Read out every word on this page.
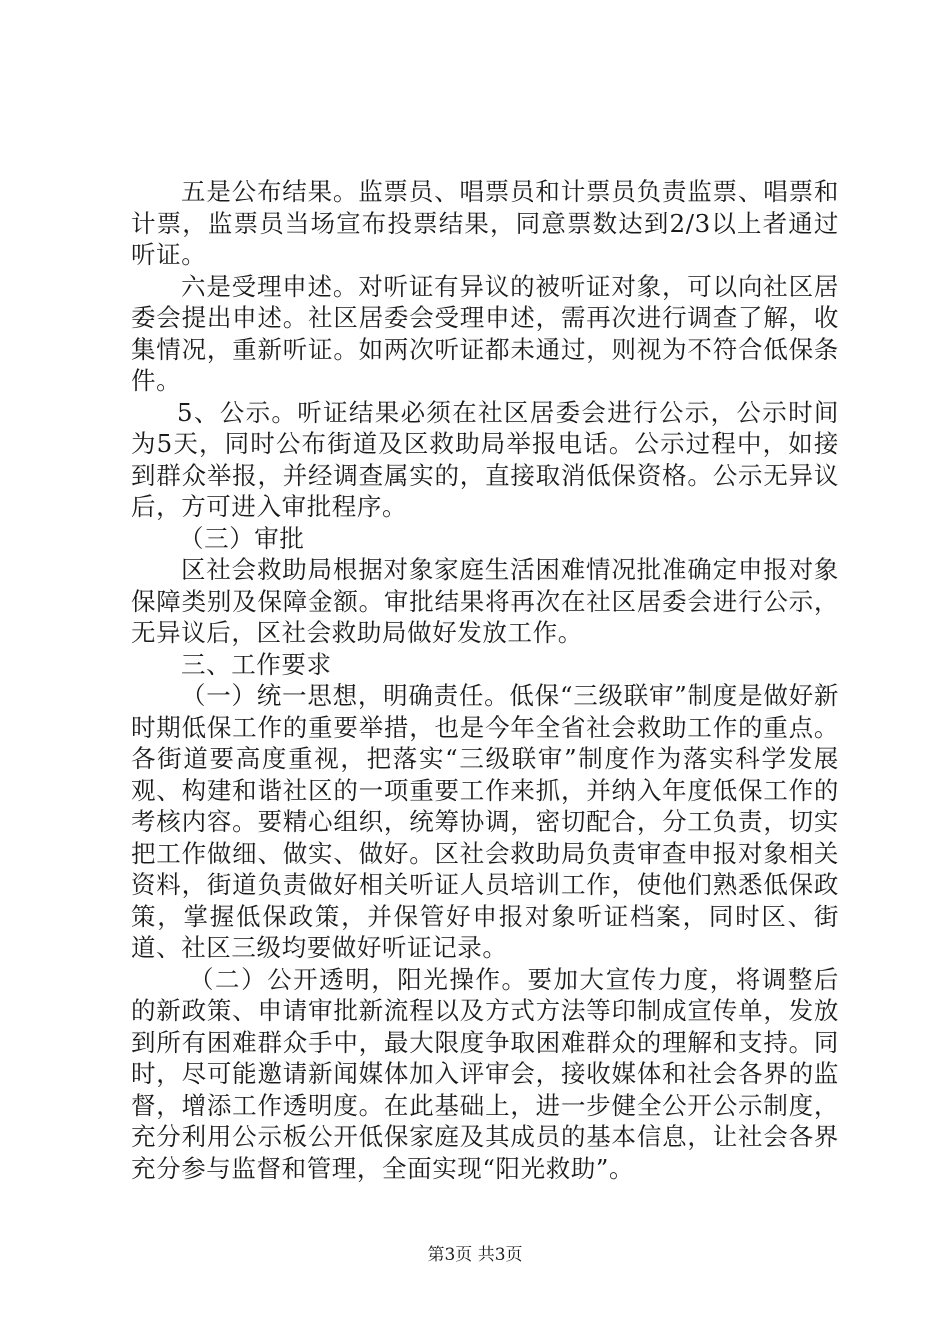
五是公布结果。监票员、唱票员和计票员负责监票、唱票和计票，监票员当场宣布投票结果，同意票数达到2/3以上者通过听证。

六是受理申述。对听证有异议的被听证对象，可以向社区居委会提出申述。社区居委会受理申述，需再次进行调查了解，收集情况，重新听证。如两次听证都未通过，则视为不符合低保条件。

5、公示。听证结果必须在社区居委会进行公示，公示时间为5天，同时公布街道及区救助局举报电话。公示过程中，如接到群众举报，并经调查属实的，直接取消低保资格。公示无异议后，方可进入审批程序。

（三）审批

区社会救助局根据对象家庭生活困难情况批准确定申报对象保障类别及保障金额。审批结果将再次在社区居委会进行公示，无异议后，区社会救助局做好发放工作。

三、工作要求

（一）统一思想，明确责任。低保“三级联审”制度是做好新时期低保工作的重要举措，也是今年全省社会救助工作的重点。各街道要高度重视，把落实“三级联审”制度作为落实科学发展观、构建和谐社区的一项重要工作来抓，并纳入年度低保工作的考核内容。要精心组织，统筹协调，密切配合，分工负责，切实把工作做细、做实、做好。区社会救助局负责审查申报对象相关资料，街道负责做好相关听证人员培训工作，使他们熟悉低保政策，掌握低保政策，并保管好申报对象听证档案，同时区、街道、社区三级均要做好听证记录。

（二）公开透明，阳光操作。要加大宣传力度，将调整后的新政策、申请审批新流程以及方式方法等印制成宣传单，发放到所有困难群众手中，最大限度争取困难群众的理解和支持。同时，尽可能邀请新闻媒体加入评审会，接收媒体和社会各界的监督，增添工作透明度。在此基础上，进一步健全公开公示制度，充分利用公示板公开低保家庭及其成员的基本信息，让社会各界充分参与监督和管理，全面实现“阳光救助”。

第3页 共3页
